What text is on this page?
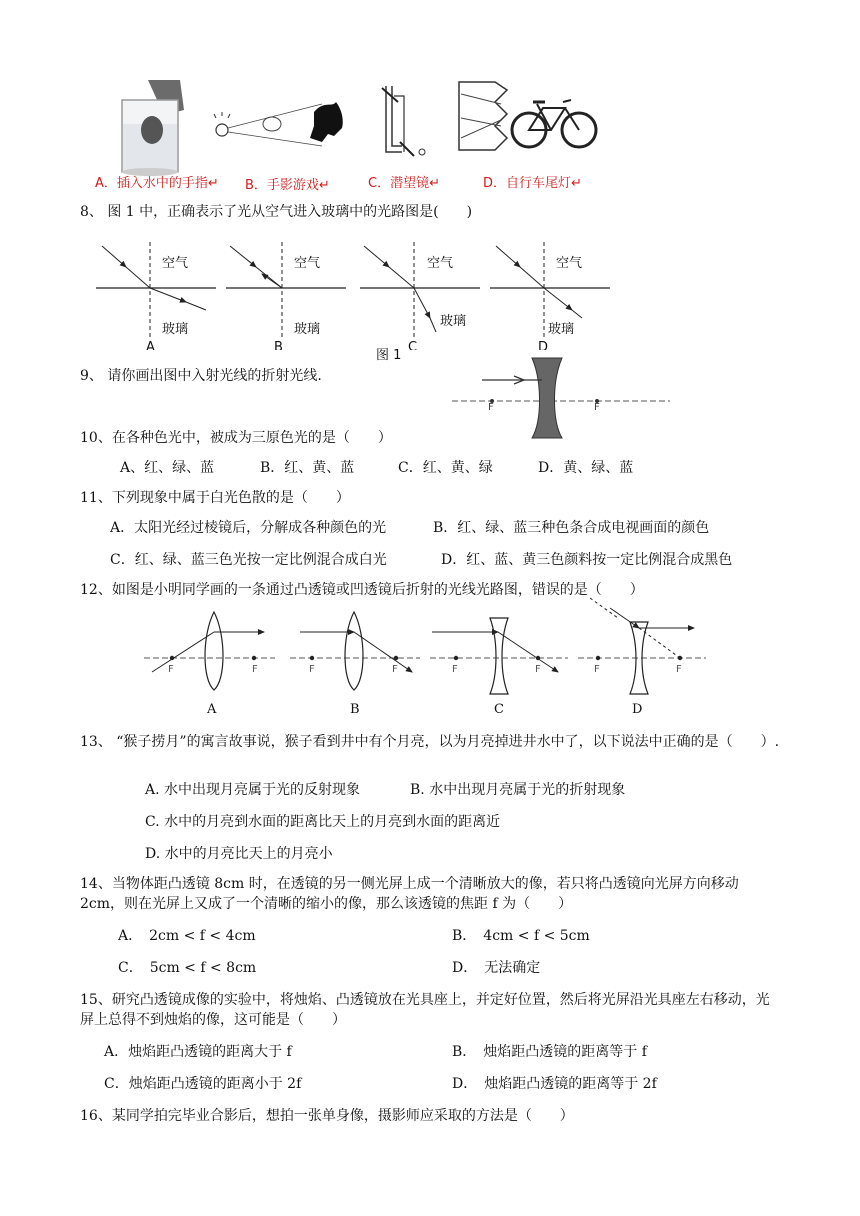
A．插入水中的手指↵ B．手影游戏↵	C．潜望镜↵	D．自行车尾灯↵
8、 图 1 中，正确表示了光从空气进入玻璃中的光路图是(　　)
空气
玻璃
空气
玻璃
空气
玻璃
空气
玻璃
A	B
图 1
C	D
9、 请你画出图中入射光线的折射光线.
F	F
10、在各种色光中，被成为三原色光的是（　　）
A、红、绿、蓝	B．红、黄、蓝	C．红、黄、绿	D．黄、绿、蓝
11、下列现象中属于白光色散的是（　　）
A．太阳光经过棱镜后，分解成各种颜色的光	B．红、绿、蓝三种色条合成电视画面的颜色
C．红、绿、蓝三色光按一定比例混合成白光	D．红、蓝、黄三色颜料按一定比例混合成黑色
12、如图是小明同学画的一条通过凸透镜或凹透镜后折射的光线光路图，错误的是（　　）
F	F	F	F	F	F	F	F
A	B	C	D
13、 “猴子捞月”的寓言故事说，猴子看到井中有个月亮，以为月亮掉进井水中了，以下说法中正确的是（　　）.
A. 水中出现月亮属于光的反射现象	B. 水中出现月亮属于光的折射现象
C. 水中的月亮到水面的距离比天上的月亮到水面的距离近
D. 水中的月亮比天上的月亮小
14、当物体距凸透镜 8cm 时，在透镜的另一侧光屏上成一个清晰放大的像，若只将凸透镜向光屏方向移动 2cm，则在光屏上又成了一个清晰的缩小的像，那么该透镜的焦距 f 为（　　）
A．　2cm < f < 4cm	B．　4cm < f < 5cm
C．　5cm < f < 8cm	D．　无法确定
15、研究凸透镜成像的实验中，将烛焰、凸透镜放在光具座上，并定好位置，然后将光屏沿光具座左右移动，光屏上总得不到烛焰的像，这可能是（　　）
A．烛焰距凸透镜的距离大于 f	B．　烛焰距凸透镜的距离等于 f
C．烛焰距凸透镜的距离小于 2f	D．　烛焰距凸透镜的距离等于 2f
16、某同学拍完毕业合影后，想拍一张单身像，摄影师应采取的方法是（　　）
